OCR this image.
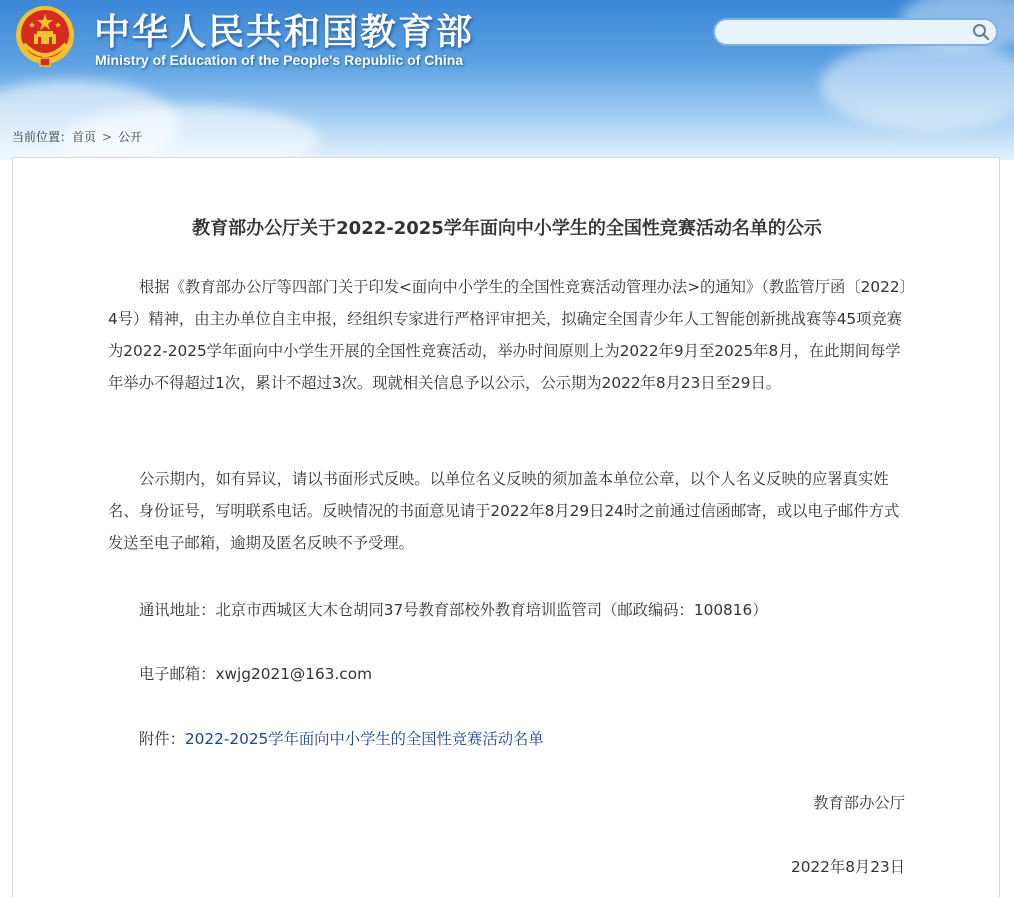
中华人民共和国教育部
Ministry of Education of the People's Republic of China
当前位置：首页 > 公开
教育部办公厅关于2022-2025学年面向中小学生的全国性竞赛活动名单的公示

根据《教育部办公厅等四部门关于印发<面向中小学生的全国性竞赛活动管理办法>的通知》（教监管厅函〔2022〕4号）精神，由主办单位自主申报，经组织专家进行严格评审把关，拟确定全国青少年人工智能创新挑战赛等45项竞赛为2022-2025学年面向中小学生开展的全国性竞赛活动，举办时间原则上为2022年9月至2025年8月，在此期间每学年举办不得超过1次，累计不超过3次。现就相关信息予以公示，公示期为2022年8月23日至29日。

公示期内，如有异议，请以书面形式反映。以单位名义反映的须加盖本单位公章，以个人名义反映的应署真实姓名、身份证号，写明联系电话。反映情况的书面意见请于2022年8月29日24时之前通过信函邮寄，或以电子邮件方式发送至电子邮箱，逾期及匿名反映不予受理。

通讯地址：北京市西城区大木仓胡同37号教育部校外教育培训监管司（邮政编码：100816）
电子邮箱：xwjg2021@163.com
附件：2022-2025学年面向中小学生的全国性竞赛活动名单
教育部办公厅
2022年8月23日
